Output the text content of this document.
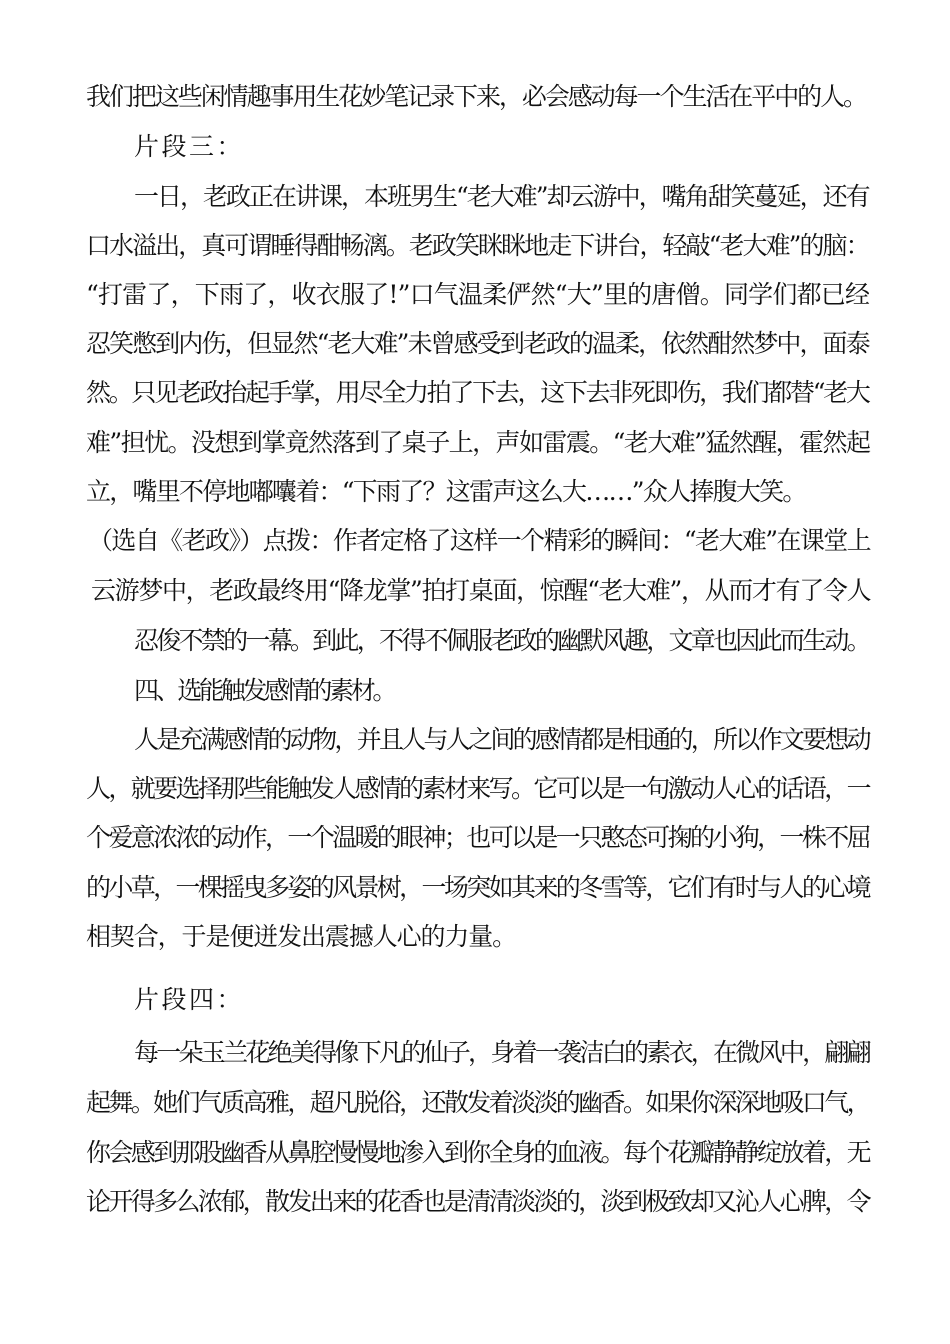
我们把这些闲情趣事用生花妙笔记录下来，必会感动每一个生活在平中的人。
片段三：
一日，老政正在讲课，本班男生“老大难”却云游中，嘴角甜笑蔓延，还有
口水溢出，真可谓睡得酣畅漓。老政笑眯眯地走下讲台，轻敲“老大难”的脑：
“打雷了，下雨了，收衣服了!”口气温柔俨然“大”里的唐僧。同学们都已经
忍笑憋到内伤，但显然“老大难”未曾感受到老政的温柔，依然酣然梦中，面泰
然。只见老政抬起手掌，用尽全力拍了下去，这下去非死即伤，我们都替“老大
难”担忧。没想到掌竟然落到了桌子上，声如雷震。“老大难”猛然醒，霍然起
立，嘴里不停地嘟囔着：“下雨了？这雷声这么大……”众人捧腹大笑。
（选自《老政》）点拨：作者定格了这样一个精彩的瞬间：“老大难”在课堂上
云游梦中，老政最终用“降龙掌”拍打桌面，惊醒“老大难”，从而才有了令人
忍俊不禁的一幕。到此，不得不佩服老政的幽默风趣，文章也因此而生动。
四、选能触发感情的素材。
人是充满感情的动物，并且人与人之间的感情都是相通的，所以作文要想动
人，就要选择那些能触发人感情的素材来写。它可以是一句激动人心的话语，一
个爱意浓浓的动作，一个温暖的眼神；也可以是一只憨态可掬的小狗，一株不屈
的小草，一棵摇曳多姿的风景树，一场突如其来的冬雪等，它们有时与人的心境
相契合，于是便迸发出震撼人心的力量。
片段四：
每一朵玉兰花绝美得像下凡的仙子，身着一袭洁白的素衣，在微风中，翩翩
起舞。她们气质高雅，超凡脱俗，还散发着淡淡的幽香。如果你深深地吸口气，
你会感到那股幽香从鼻腔慢慢地渗入到你全身的血液。每个花瓣静静绽放着，无
论开得多么浓郁，散发出来的花香也是清清淡淡的，淡到极致却又沁人心脾，令
